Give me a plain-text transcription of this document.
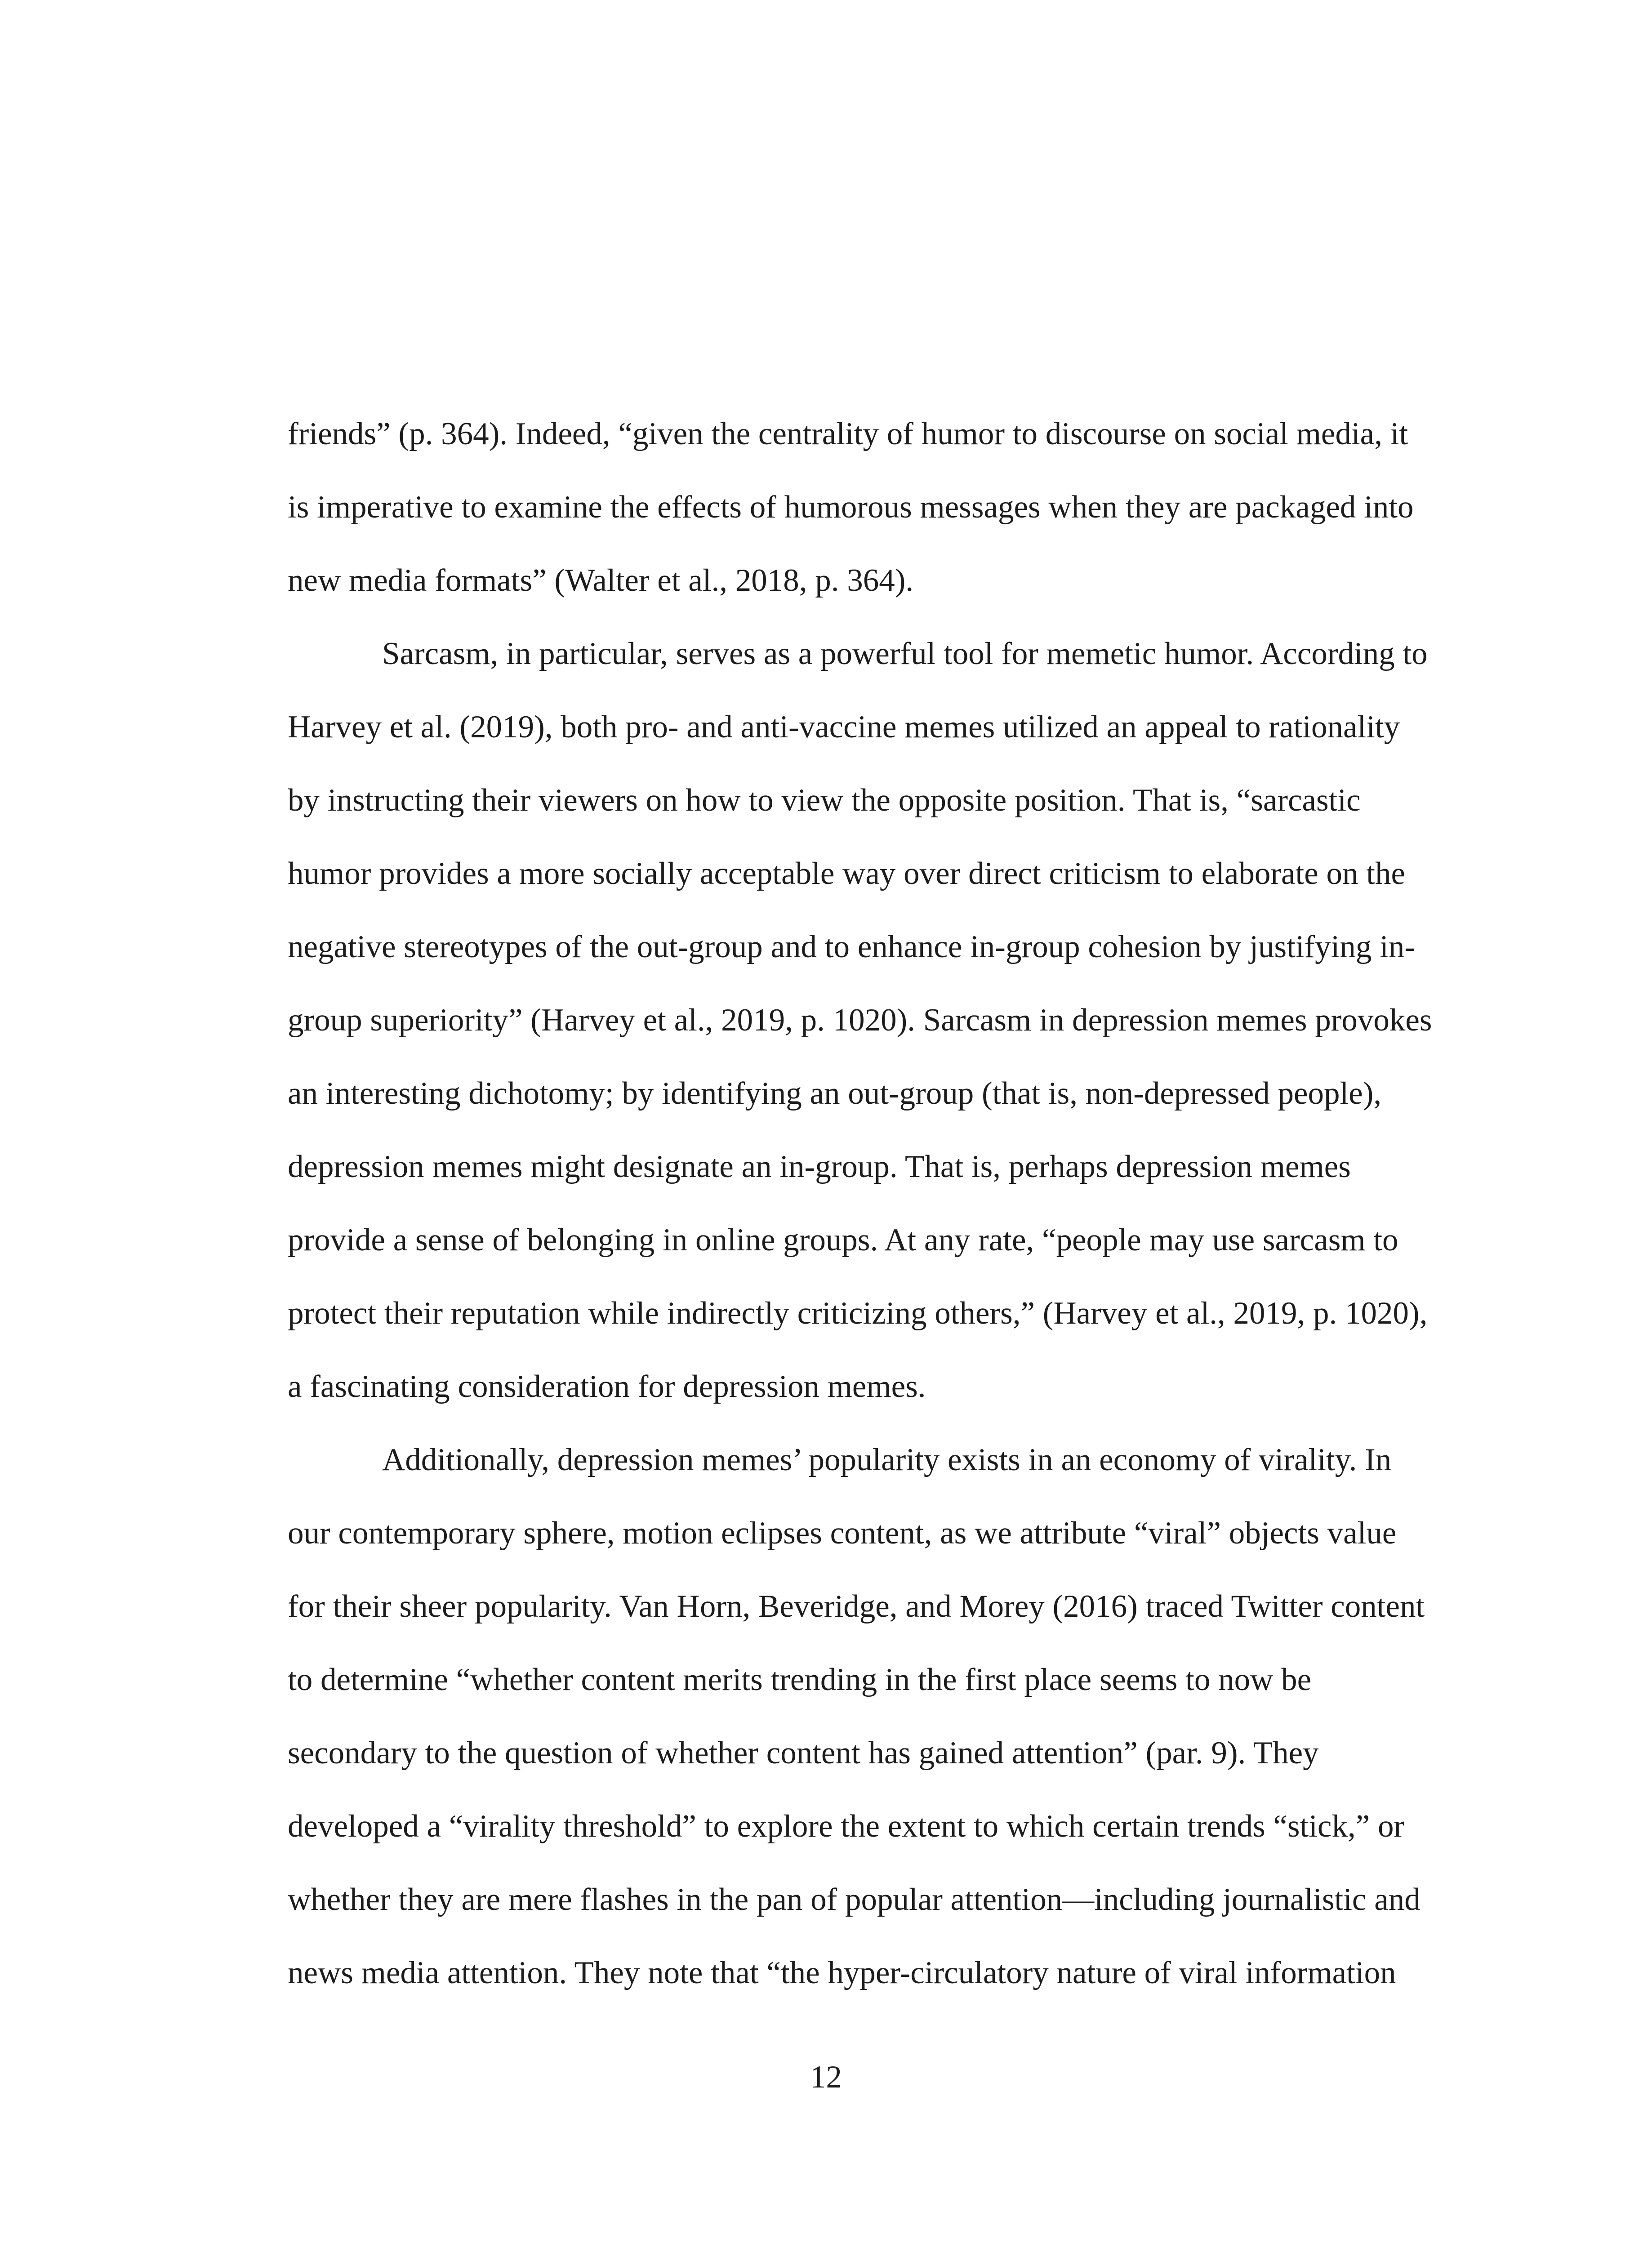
friends” (p. 364). Indeed, “given the centrality of humor to discourse on social media, it
is imperative to examine the effects of humorous messages when they are packaged into
new media formats” (Walter et al., 2018, p. 364).
Sarcasm, in particular, serves as a powerful tool for memetic humor. According to
Harvey et al. (2019), both pro- and anti-vaccine memes utilized an appeal to rationality
by instructing their viewers on how to view the opposite position. That is, “sarcastic
humor provides a more socially acceptable way over direct criticism to elaborate on the
negative stereotypes of the out-group and to enhance in-group cohesion by justifying in-
group superiority” (Harvey et al., 2019, p. 1020). Sarcasm in depression memes provokes
an interesting dichotomy; by identifying an out-group (that is, non-depressed people),
depression memes might designate an in-group. That is, perhaps depression memes
provide a sense of belonging in online groups. At any rate, “people may use sarcasm to
protect their reputation while indirectly criticizing others,” (Harvey et al., 2019, p. 1020),
a fascinating consideration for depression memes.
Additionally, depression memes’ popularity exists in an economy of virality. In
our contemporary sphere, motion eclipses content, as we attribute “viral” objects value
for their sheer popularity. Van Horn, Beveridge, and Morey (2016) traced Twitter content
to determine “whether content merits trending in the first place seems to now be
secondary to the question of whether content has gained attention” (par. 9). They
developed a “virality threshold” to explore the extent to which certain trends “stick,” or
whether they are mere flashes in the pan of popular attention—including journalistic and
news media attention. They note that “the hyper-circulatory nature of viral information
12
